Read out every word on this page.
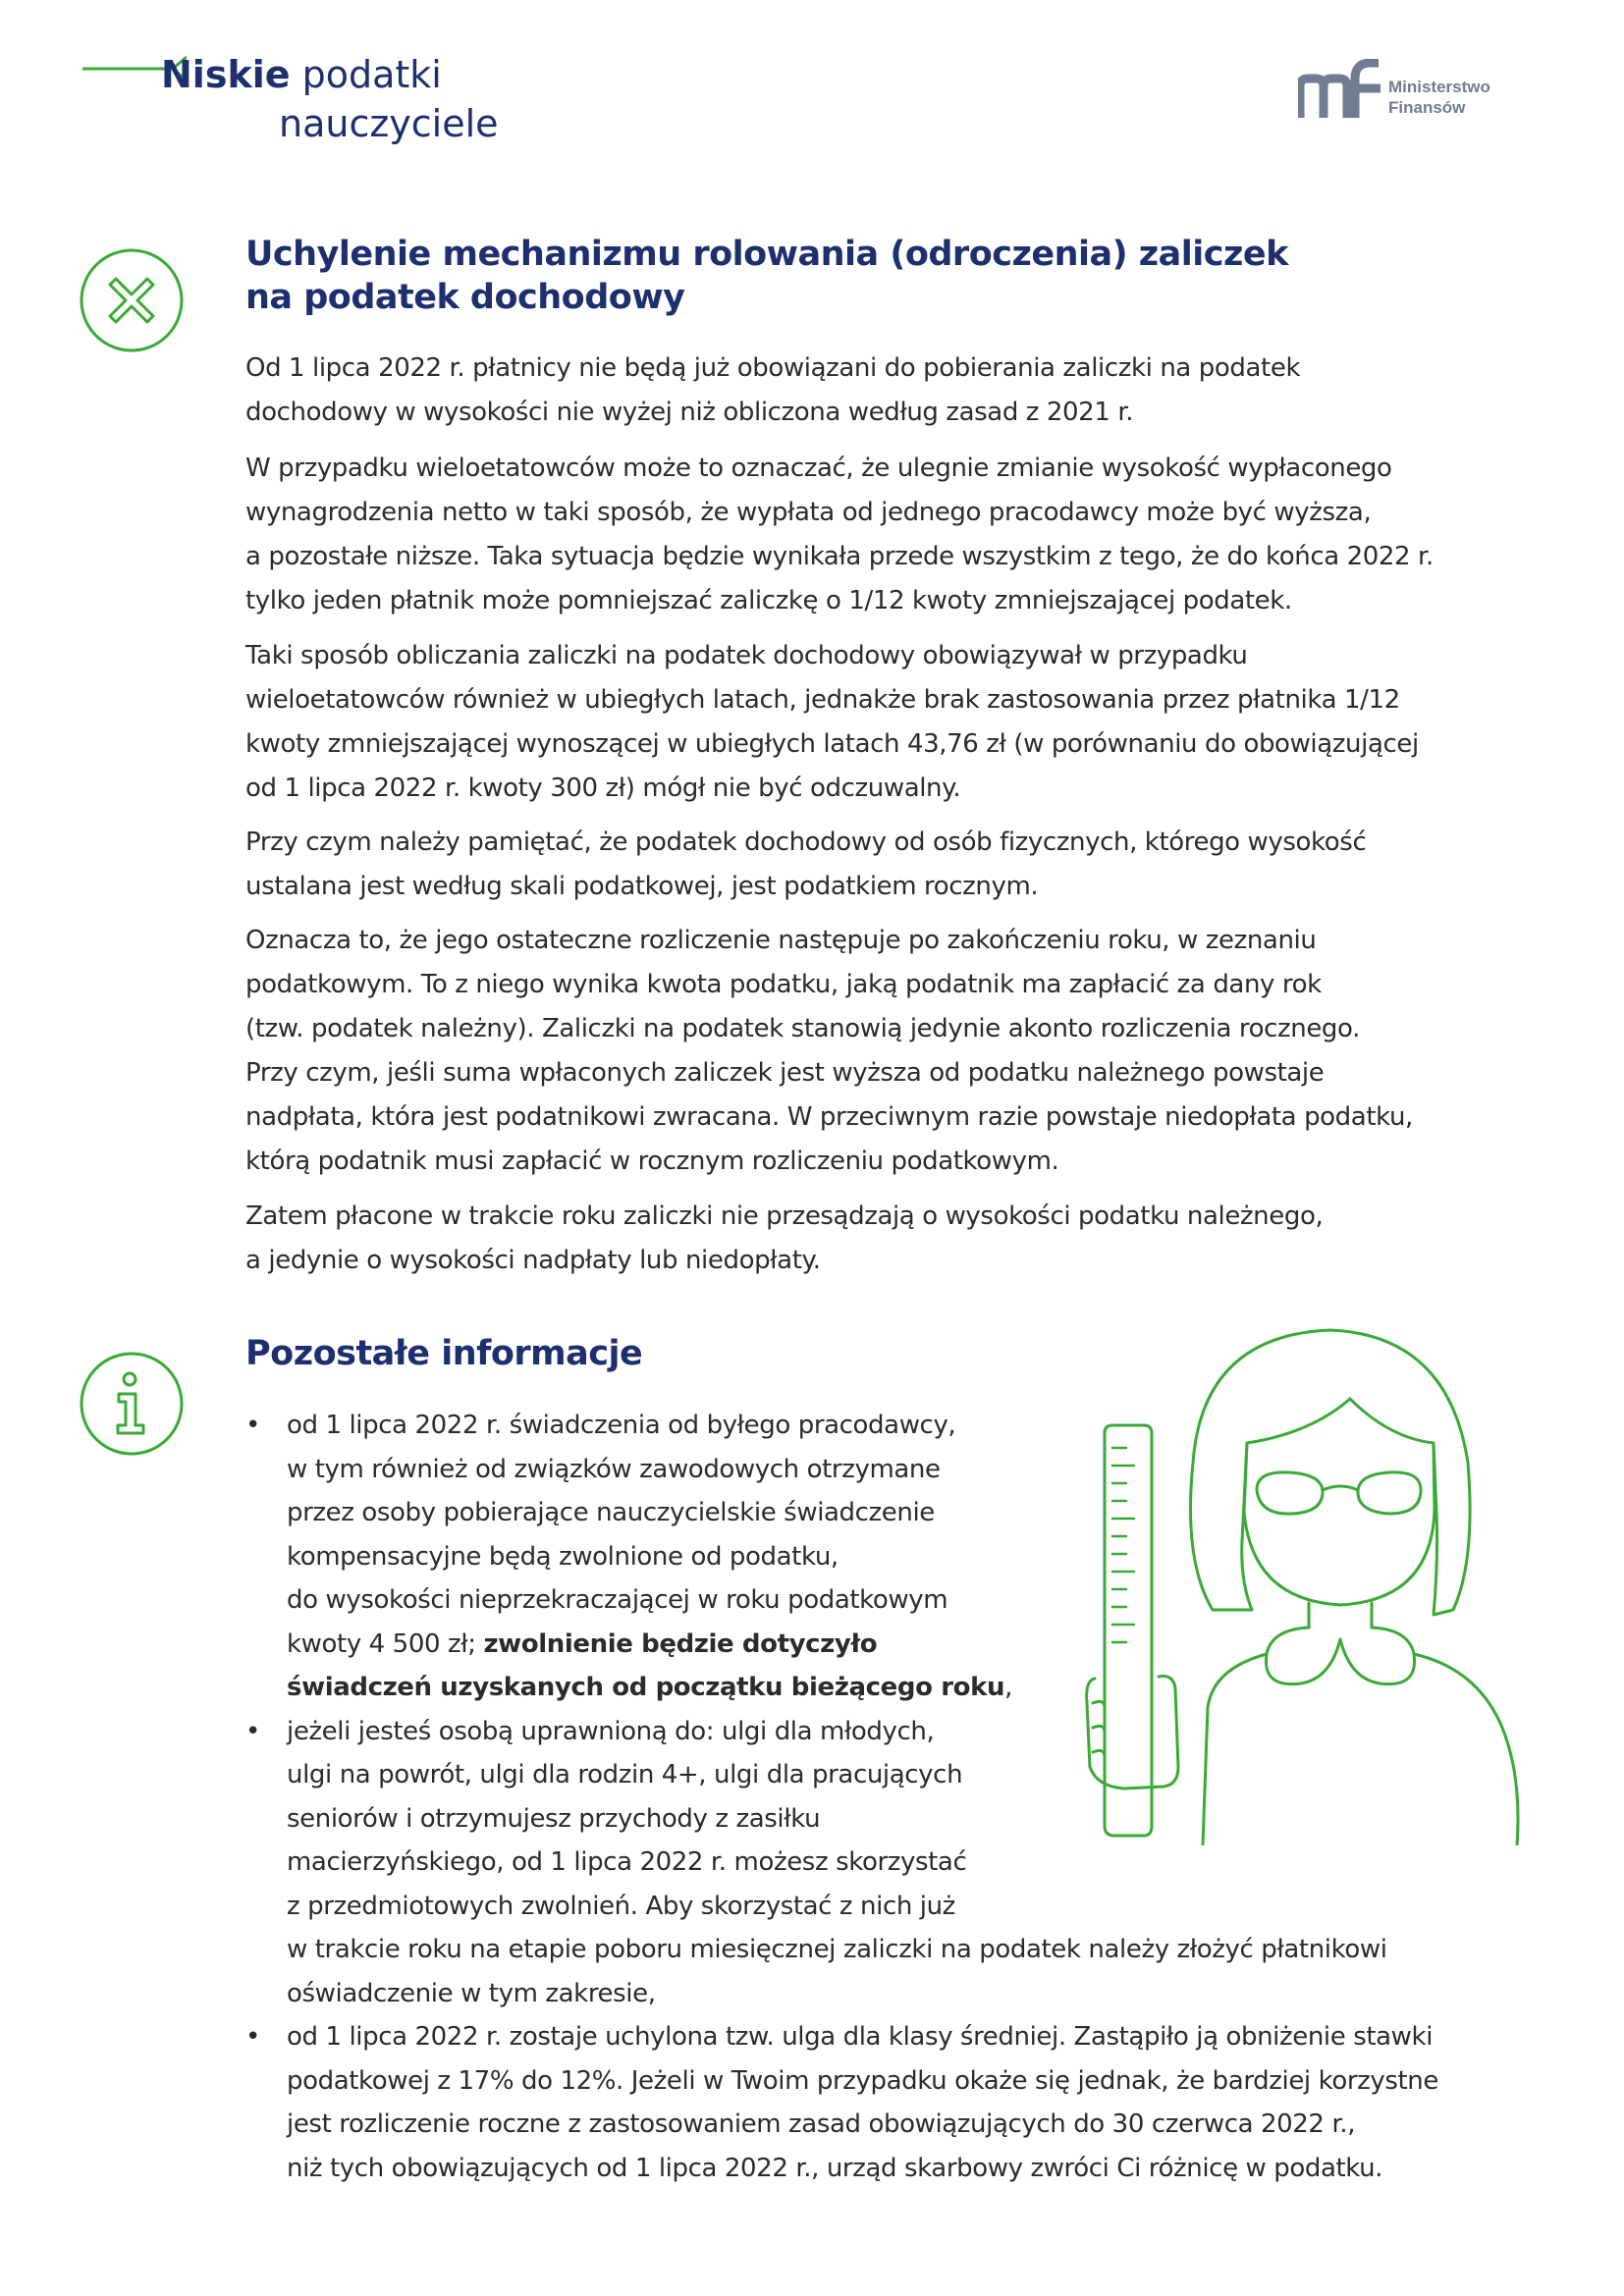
Niskie podatki
nauczyciele
Ministerstwo
Finansów
Uchylenie mechanizmu rolowania (odroczenia) zaliczek
na podatek dochodowy
Od 1 lipca 2022 r. płatnicy nie będą już obowiązani do pobierania zaliczki na podatek
dochodowy w wysokości nie wyżej niż obliczona według zasad z 2021 r.
W przypadku wieloetatowców może to oznaczać, że ulegnie zmianie wysokość wypłaconego
wynagrodzenia netto w taki sposób, że wypłata od jednego pracodawcy może być wyższa,
a pozostałe niższe. Taka sytuacja będzie wynikała przede wszystkim z tego, że do końca 2022 r.
tylko jeden płatnik może pomniejszać zaliczkę o 1/12 kwoty zmniejszającej podatek.
Taki sposób obliczania zaliczki na podatek dochodowy obowiązywał w przypadku
wieloetatowców również w ubiegłych latach, jednakże brak zastosowania przez płatnika 1/12
kwoty zmniejszającej wynoszącej w ubiegłych latach 43,76 zł (w porównaniu do obowiązującej
od 1 lipca 2022 r. kwoty 300 zł) mógł nie być odczuwalny.
Przy czym należy pamiętać, że podatek dochodowy od osób fizycznych, którego wysokość
ustalana jest według skali podatkowej, jest podatkiem rocznym.
Oznacza to, że jego ostateczne rozliczenie następuje po zakończeniu roku, w zeznaniu
podatkowym. To z niego wynika kwota podatku, jaką podatnik ma zapłacić za dany rok
(tzw. podatek należny). Zaliczki na podatek stanowią jedynie akonto rozliczenia rocznego.
Przy czym, jeśli suma wpłaconych zaliczek jest wyższa od podatku należnego powstaje
nadpłata, która jest podatnikowi zwracana. W przeciwnym razie powstaje niedopłata podatku,
którą podatnik musi zapłacić w rocznym rozliczeniu podatkowym.
Zatem płacone w trakcie roku zaliczki nie przesądzają o wysokości podatku należnego,
a jedynie o wysokości nadpłaty lub niedopłaty.
Pozostałe informacje
• od 1 lipca 2022 r. świadczenia od byłego pracodawcy,
w tym również od związków zawodowych otrzymane
przez osoby pobierające nauczycielskie świadczenie
kompensacyjne będą zwolnione od podatku,
do wysokości nieprzekraczającej w roku podatkowym
kwoty 4 500 zł; zwolnienie będzie dotyczyło
świadczeń uzyskanych od początku bieżącego roku,
• jeżeli jesteś osobą uprawnioną do: ulgi dla młodych,
ulgi na powrót, ulgi dla rodzin 4+, ulgi dla pracujących
seniorów i otrzymujesz przychody z zasiłku
macierzyńskiego, od 1 lipca 2022 r. możesz skorzystać
z przedmiotowych zwolnień. Aby skorzystać z nich już
w trakcie roku na etapie poboru miesięcznej zaliczki na podatek należy złożyć płatnikowi
oświadczenie w tym zakresie,
• od 1 lipca 2022 r. zostaje uchylona tzw. ulga dla klasy średniej. Zastąpiło ją obniżenie stawki
podatkowej z 17% do 12%. Jeżeli w Twoim przypadku okaże się jednak, że bardziej korzystne
jest rozliczenie roczne z zastosowaniem zasad obowiązujących do 30 czerwca 2022 r.,
niż tych obowiązujących od 1 lipca 2022 r., urząd skarbowy zwróci Ci różnicę w podatku.
